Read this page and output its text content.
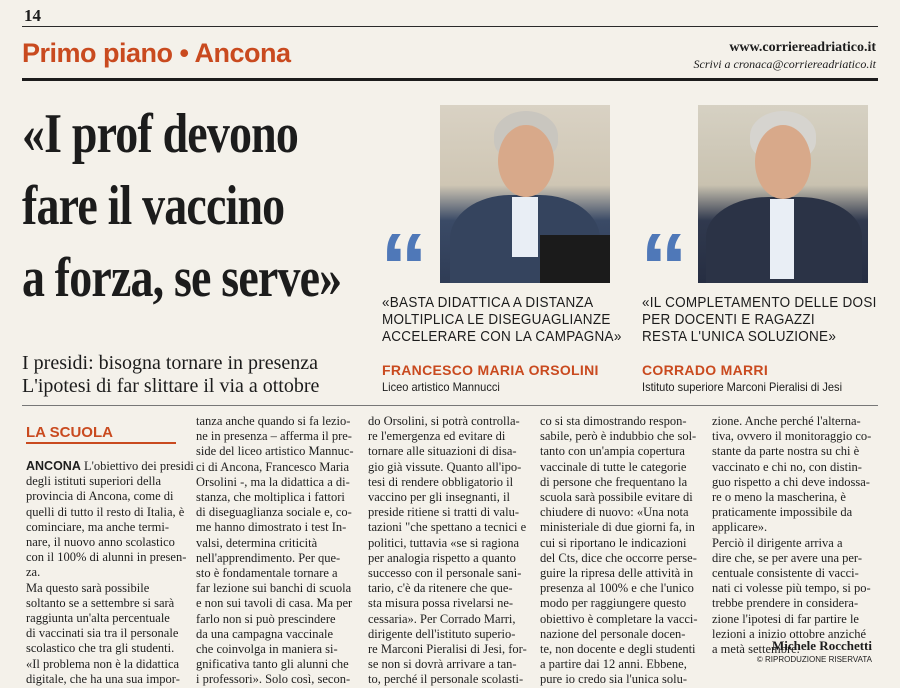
14
Primo piano • Ancona	www.corriereadriatico.it
Scrivi a cronaca@corriereadriatico.it
«I prof devono
fare il vaccino
a forza, se serve»
I presidi: bisogna tornare in presenza
L'ipotesi di far slittare il via a ottobre
“
«BASTA DIDATTICA A DISTANZA
MOLTIPLICA LE DISEGUAGLIANZE
ACCELERARE CON LA CAMPAGNA»
FRANCESCO MARIA ORSOLINI
Liceo artistico Mannucci
“
«IL COMPLETAMENTO DELLE DOSI
PER DOCENTI E RAGAZZI
RESTA L'UNICA SOLUZIONE»
CORRADO MARRI
Istituto superiore Marconi Pieralisi di Jesi
LA SCUOLA
ANCONA L'obiettivo dei presidi
degli istituti superiori della
provincia di Ancona, come di
quelli di tutto il resto di Italia, è
cominciare, ma anche termi-
nare, il nuovo anno scolastico
con il 100% di alunni in presen-
za.
Ma questo sarà possibile
soltanto se a settembre si sarà
raggiunta un'alta percentuale
di vaccinati sia tra il personale
scolastico che tra gli studenti.
«Il problema non è la didattica
digitale, che ha una sua impor-
tanza anche quando si fa lezio-
ne in presenza – afferma il pre-
side del liceo artistico Mannuc-
ci di Ancona, Francesco Maria
Orsolini -, ma la didattica a di-
stanza, che moltiplica i fattori
di diseguaglianza sociale e, co-
me hanno dimostrato i test In-
valsi, determina criticità
nell'apprendimento. Per que-
sto è fondamentale tornare a
far lezione sui banchi di scuola
e non sui tavoli di casa. Ma per
farlo non si può prescindere
da una campagna vaccinale
che coinvolga in maniera si-
gnificativa tanto gli alunni che
i professori». Solo così, secon-
do Orsolini, si potrà controlla-
re l'emergenza ed evitare di
tornare alle situazioni di disa-
gio già vissute. Quanto all'ipo-
tesi di rendere obbligatorio il
vaccino per gli insegnanti, il
preside ritiene si tratti di valu-
tazioni "che spettano a tecnici e
politici, tuttavia «se si ragiona
per analogia rispetto a quanto
successo con il personale sani-
tario, c'è da ritenere che que-
sta misura possa rivelarsi ne-
cessaria». Per Corrado Marri,
dirigente dell'istituto superio-
re Marconi Pieralisi di Jesi, for-
se non si dovrà arrivare a tan-
to, perché il personale scolasti-
co si sta dimostrando respon-
sabile, però è indubbio che sol-
tanto con un'ampia copertura
vaccinale di tutte le categorie
di persone che frequentano la
scuola sarà possibile evitare di
chiudere di nuovo: «Una nota
ministeriale di due giorni fa, in
cui si riportano le indicazioni
del Cts, dice che occorre perse-
guire la ripresa delle attività in
presenza al 100% e che l'unico
modo per raggiungere questo
obiettivo è completare la vacci-
nazione del personale docen-
te, non docente e degli studenti
a partire dai 12 anni. Ebbene,
pure io credo sia l'unica solu-
zione. Anche perché l'alterna-
tiva, ovvero il monitoraggio co-
stante da parte nostra su chi è
vaccinato e chi no, con distin-
guo rispetto a chi deve indossa-
re o meno la mascherina, è
praticamente impossibile da
applicare».
Perciò il dirigente arriva a
dire che, se per avere una per-
centuale consistente di vacci-
nati ci volesse più tempo, si po-
trebbe prendere in considera-
zione l'ipotesi di far partire le
lezioni a inizio ottobre anziché
a metà settembre.
Michele Rocchetti
© RIPRODUZIONE RISERVATA
